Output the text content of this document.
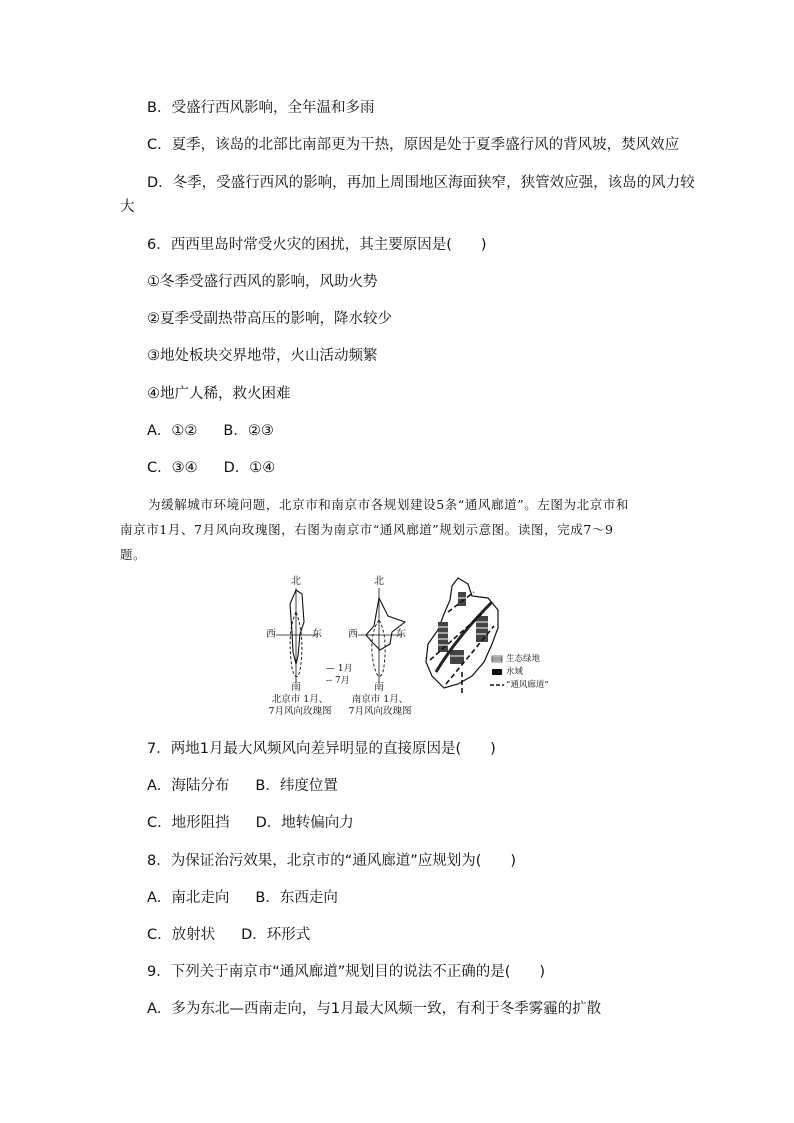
B．受盛行西风影响，全年温和多雨
C．夏季，该岛的北部比南部更为干热，原因是处于夏季盛行风的背风坡，焚风效应
D．冬季，受盛行西风的影响，再加上周围地区海面狭窄，狭管效应强，该岛的风力较
大
6．西西里岛时常受火灾的困扰，其主要原因是(　　)
①冬季受盛行西风的影响，风助火势
②夏季受副热带高压的影响，降水较少
③地处板块交界地带，火山活动频繁
④地广人稀，救火困难
A．①② B．②③
C．③④ D．①④
为缓解城市环境问题，北京市和南京市各规划建设5条“通风廊道”。左图为北京市和
南京市1月、7月风向玫瑰图，右图为南京市“通风廊道”规划示意图。读图，完成7～9
题。
北
西	东
南
北
西	东
南
— 1月
-- 7月
北京市 1月、
7月风向玫瑰图
南京市 1月、
7月风向玫瑰图
生态绿地
水域
“通风廊道”
7．两地1月最大风频风向差异明显的直接原因是(　　)
A．海陆分布 B．纬度位置
C．地形阻挡 D．地转偏向力
8．为保证治污效果，北京市的“通风廊道”应规划为(　　)
A．南北走向 B．东西走向
C．放射状 D．环形式
9．下列关于南京市“通风廊道”规划目的说法不正确的是(　　)
A．多为东北—西南走向，与1月最大风频一致，有利于冬季雾霾的扩散
